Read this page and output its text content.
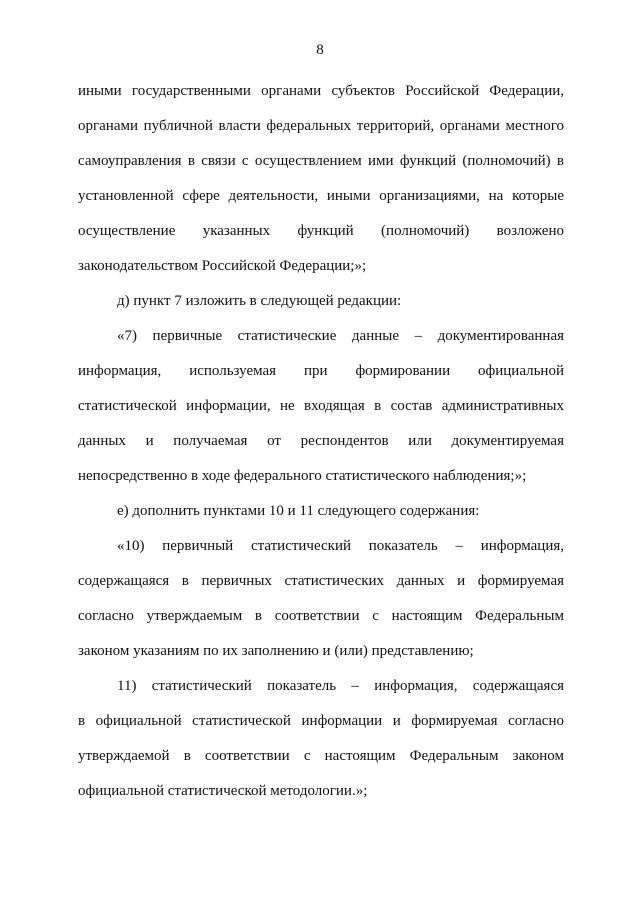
8
иными государственными органами субъектов Российской Федерации,
органами публичной власти федеральных территорий, органами местного
самоуправления в связи с осуществлением ими функций (полномочий) в
установленной сфере деятельности, иными организациями, на которые
осуществление указанных функций (полномочий) возложено
законодательством Российской Федерации;»;
д) пункт 7 изложить в следующей редакции:
«7) первичные статистические данные – документированная
информация, используемая при формировании официальной
статистической информации, не входящая в состав административных
данных и получаемая от респондентов или документируемая
непосредственно в ходе федерального статистического наблюдения;»;
е) дополнить пунктами 10 и 11 следующего содержания:
«10) первичный статистический показатель – информация,
содержащаяся в первичных статистических данных и формируемая
согласно утверждаемым в соответствии с настоящим Федеральным
законом указаниям по их заполнению и (или) представлению;
11) статистический показатель – информация, содержащаяся
в официальной статистической информации и формируемая согласно
утверждаемой в соответствии с настоящим Федеральным законом
официальной статистической методологии.»;
